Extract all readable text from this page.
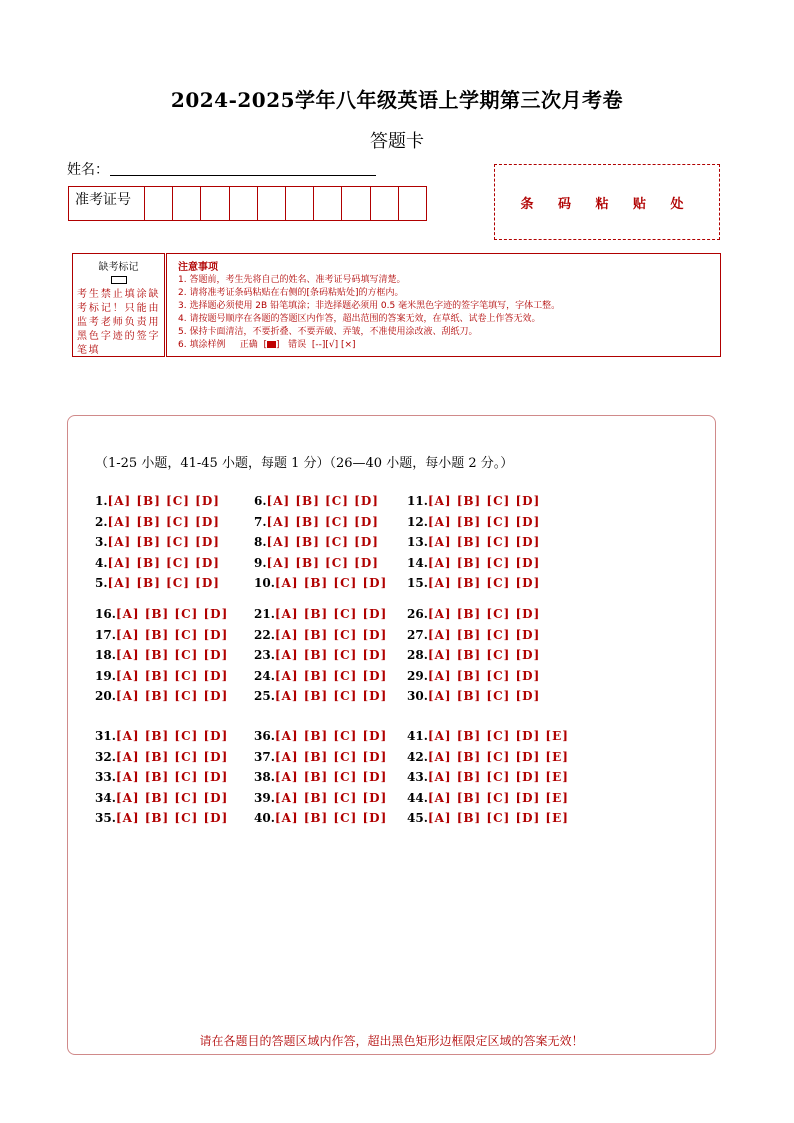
2024-2025学年八年级英语上学期第三次月考卷
答题卡
姓名：
准考证号	条 码 粘 贴 处
缺考标记
考生禁止填涂缺考标记！只能由监考老师负责用黑色字迹的签字笔填
注意事项
1. 答题前，考生先将自己的姓名、准考证号码填写清楚。
2. 请将准考证条码粘贴在右侧的[条码粘贴处]的方框内。
3. 选择题必须使用 2B 铅笔填涂；非选择题必须用 0.5 毫米黑色字迹的签字笔填写，字体工整。
4. 请按题号顺序在各题的答题区内作答，超出范围的答案无效，在草纸、试卷上作答无效。
5. 保持卡面清洁，不要折叠、不要弄破、弄皱，不准使用涂改液、刮纸刀。
6. 填涂样例 正确  [ ]   错误 [--][√] [×]
（1-25 小题，41-45 小题，每题 1 分）（26—40 小题，每小题 2 分。）
1.[A] [B] [C] [D]
2.[A] [B] [C] [D]
3.[A] [B] [C] [D]
4.[A] [B] [C] [D]
5.[A] [B] [C] [D]
6.[A] [B] [C] [D]
7.[A] [B] [C] [D]
8.[A] [B] [C] [D]
9.[A] [B] [C] [D]
10.[A] [B] [C] [D]
11.[A] [B] [C] [D]
12.[A] [B] [C] [D]
13.[A] [B] [C] [D]
14.[A] [B] [C] [D]
15.[A] [B] [C] [D]
16.[A] [B] [C] [D]
17.[A] [B] [C] [D]
18.[A] [B] [C] [D]
19.[A] [B] [C] [D]
20.[A] [B] [C] [D]
21.[A] [B] [C] [D]
22.[A] [B] [C] [D]
23.[A] [B] [C] [D]
24.[A] [B] [C] [D]
25.[A] [B] [C] [D]
26.[A] [B] [C] [D]
27.[A] [B] [C] [D]
28.[A] [B] [C] [D]
29.[A] [B] [C] [D]
30.[A] [B] [C] [D]
31.[A] [B] [C] [D]
32.[A] [B] [C] [D]
33.[A] [B] [C] [D]
34.[A] [B] [C] [D]
35.[A] [B] [C] [D]
36.[A] [B] [C] [D]
37.[A] [B] [C] [D]
38.[A] [B] [C] [D]
39.[A] [B] [C] [D]
40.[A] [B] [C] [D]
41.[A] [B] [C] [D] [E]
42.[A] [B] [C] [D] [E]
43.[A] [B] [C] [D] [E]
44.[A] [B] [C] [D] [E]
45.[A] [B] [C] [D] [E]
请在各题目的答题区域内作答，超出黑色矩形边框限定区域的答案无效！
